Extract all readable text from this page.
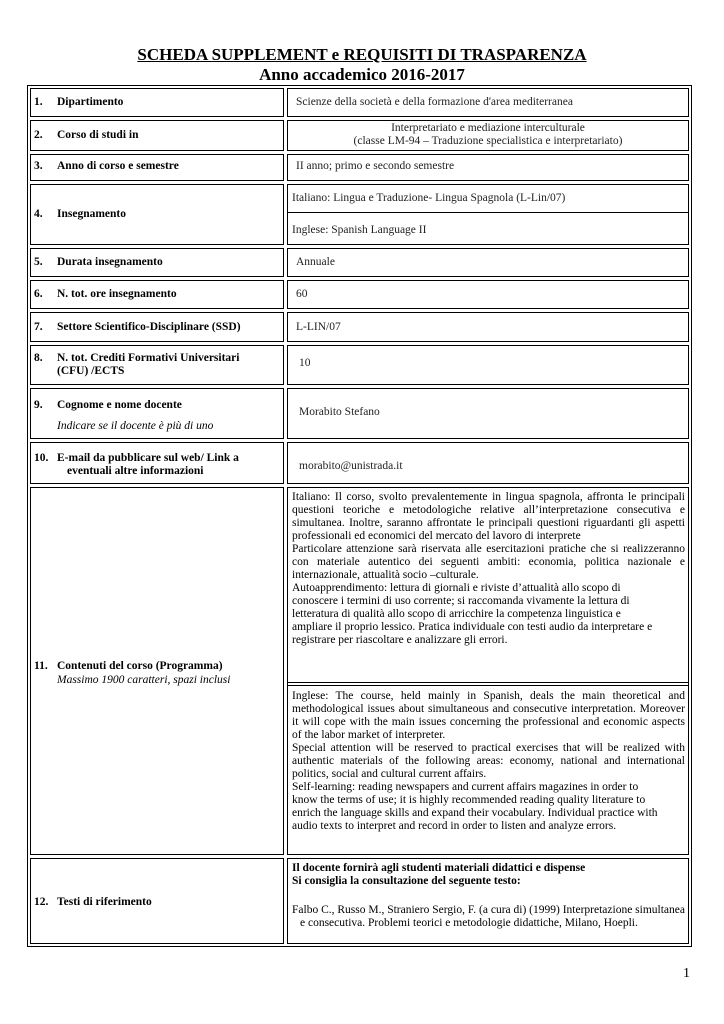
SCHEDA SUPPLEMENT e REQUISITI DI TRASPARENZA
Anno accademico 2016-2017
1. Dipartimento
2. Corso di studi in
3. Anno di corso e semestre
4. Insegnamento
5. Durata insegnamento
6. N. tot. ore insegnamento
7. Settore Scientifico-Disciplinare (SSD)
8. N. tot. Crediti Formativi Universitari
(CFU) /ECTS
9. Cognome e nome docente

Indicare se il docente è più di uno
10. E-mail da pubblicare sul web/ Link a
eventuali altre informazioni
11. Contenuti del corso (Programma)
Massimo 1900 caratteri, spazi inclusi
12. Testi di riferimento
Scienze della società e della formazione d'area mediterranea
Interpretariato e mediazione interculturale
(classe LM-94 – Traduzione specialistica e interpretariato)
II anno; primo e secondo semestre
Italiano: Lingua e Traduzione- Lingua Spagnola (L-Lin/07)
Inglese: Spanish Language II
Annuale
60
L-LIN/07
10
Morabito Stefano
morabito@unistrada.it
Italiano: Il corso, svolto prevalentemente in lingua spagnola, affronta le principali questioni teoriche e metodologiche relative all’interpretazione consecutiva e simultanea. Inoltre, saranno affrontate le principali questioni riguardanti gli aspetti professionali ed economici del mercato del lavoro di interprete
Particolare attenzione sarà riservata alle esercitazioni pratiche che si realizzeranno con materiale autentico dei seguenti ambiti: economia, politica nazionale e internazionale, attualità socio –culturale.
Autoapprendimento: lettura di giornali e riviste d’attualità allo scopo di
conoscere i termini di uso corrente; si raccomanda vivamente la lettura di
letteratura di qualità allo scopo di arricchire la competenza linguistica e
ampliare il proprio lessico. Pratica individuale con testi audio da interpretare e
registrare per riascoltare e analizzare gli errori.
Inglese: The course, held mainly in Spanish, deals the main theoretical and methodological issues about simultaneous and consecutive interpretation. Moreover it will cope with the main issues concerning the professional and economic aspects of the labor market of interpreter.
Special attention will be reserved to practical exercises that will be realized with authentic materials of the following areas: economy, national and international politics, social and cultural current affairs.
Self-learning: reading newspapers and current affairs magazines in order to
know the terms of use; it is highly recommended reading quality literature to
enrich the language skills and expand their vocabulary. Individual practice with
audio texts to interpret and record in order to listen and analyze errors.
Il docente fornirà agli studenti materiali didattici e dispense
Si consiglia la consultazione del seguente testo:
Falbo C., Russo M., Straniero Sergio, F. (a cura di) (1999) Interpretazione simultanea e consecutiva. Problemi teorici e metodologie didattiche, Milano, Hoepli.
1
